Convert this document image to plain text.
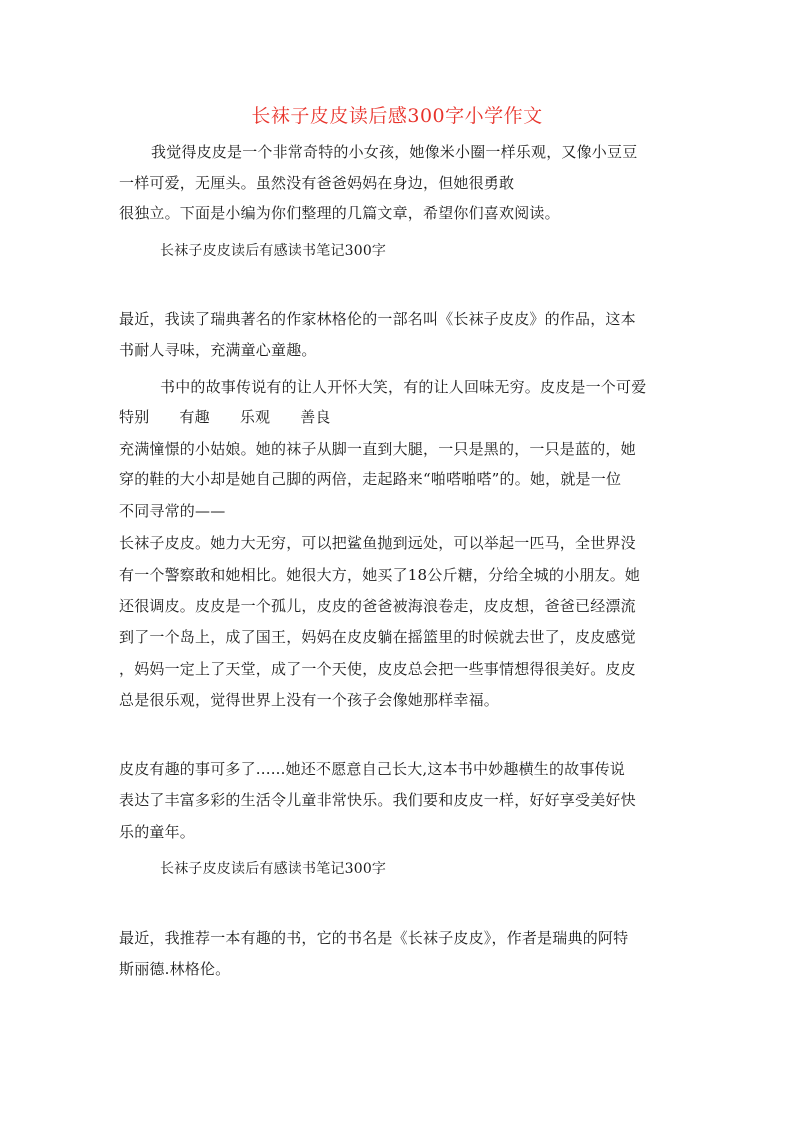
长袜子皮皮读后感300字小学作文
我觉得皮皮是一个非常奇特的小女孩，她像米小圈一样乐观，又像小豆豆
一样可爱，无厘头。虽然没有爸爸妈妈在身边，但她很勇敢
很独立。下面是小编为你们整理的几篇文章，希望你们喜欢阅读。
长袜子皮皮读后有感读书笔记300字
最近，我读了瑞典著名的作家林格伦的一部名叫《长袜子皮皮》的作品，这本
书耐人寻味，充满童心童趣。
书中的故事传说有的让人开怀大笑，有的让人回味无穷。皮皮是一个可爱
特别 有趣 乐观 善良
充满憧憬的小姑娘。她的袜子从脚一直到大腿，一只是黑的，一只是蓝的，她
穿的鞋的大小却是她自己脚的两倍，走起路来“啪嗒啪嗒”的。她，就是一位
不同寻常的——
长袜子皮皮。她力大无穷，可以把鲨鱼抛到远处，可以举起一匹马，全世界没
有一个警察敢和她相比。她很大方，她买了18公斤糖，分给全城的小朋友。她
还很调皮。皮皮是一个孤儿，皮皮的爸爸被海浪卷走，皮皮想，爸爸已经漂流
到了一个岛上，成了国王，妈妈在皮皮躺在摇篮里的时候就去世了，皮皮感觉
，妈妈一定上了天堂，成了一个天使，皮皮总会把一些事情想得很美好。皮皮
总是很乐观，觉得世界上没有一个孩子会像她那样幸福。
皮皮有趣的事可多了......她还不愿意自己长大,这本书中妙趣横生的故事传说
表达了丰富多彩的生活令儿童非常快乐。我们要和皮皮一样，好好享受美好快
乐的童年。
长袜子皮皮读后有感读书笔记300字
最近，我推荐一本有趣的书，它的书名是《长袜子皮皮》，作者是瑞典的阿特
斯丽德.林格伦。
